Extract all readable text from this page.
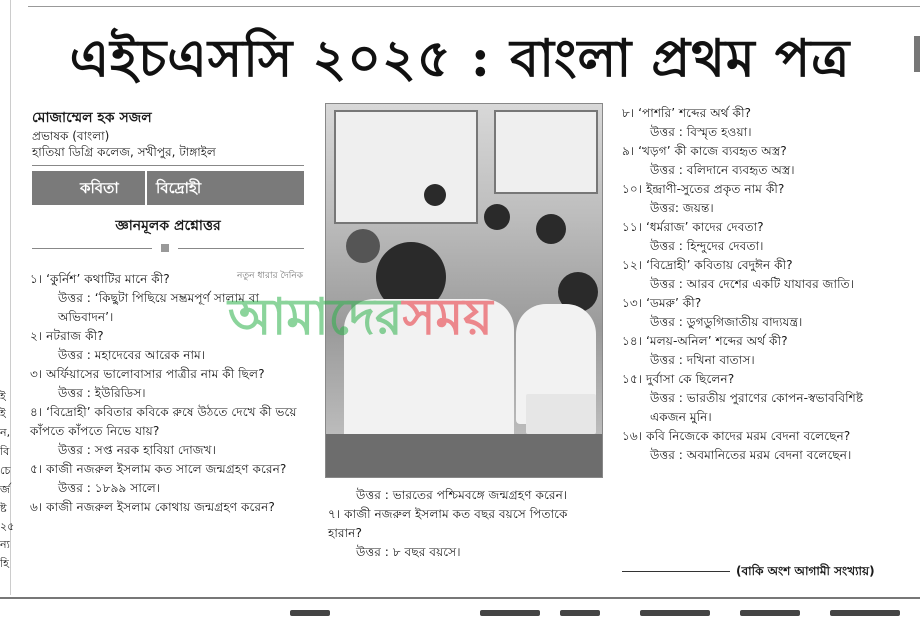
ই
ই
ন,
বি
চে
র্জ
ষ্ট
২৫
ন্য
হি
এইচএসসি ২০২৫ : বাংলা প্রথম পত্র
মোজাম্মেল হক সজল
প্রভাষক (বাংলা)
হাতিয়া ডিগ্রি কলেজ, সখীপুর, টাঙ্গাইল
কবিতা বিদ্রোহী
জ্ঞানমূলক প্রশ্নোত্তর
১। ‘কুর্নিশ’ কথাটির মানে কী?
উত্তর : ‘কিছুটা পিছিয়ে সম্ভ্রমপূর্ণ সালাম বা অভিবাদন’।
২। নটরাজ কী?
উত্তর : মহাদেবের আরেক নাম।
৩। অর্ফিয়াসের ভালোবাসার পাত্রীর নাম কী ছিল?
উত্তর : ইউরিডিস।
৪। ‘বিদ্রোহী’ কবিতার কবিকে রুষে উঠতে দেখে কী ভয়ে কাঁপতে কাঁপতে নিভে যায়?
উত্তর : সপ্ত নরক হাবিয়া দোজখ।
৫। কাজী নজরুল ইসলাম কত সালে জন্মগ্রহণ করেন?
উত্তর : ১৮৯৯ সালে।
৬। কাজী নজরুল ইসলাম কোথায় জন্মগ্রহণ করেন?
নতুন ধারার দৈনিক
আমাদেরসময়
উত্তর : ভারতের পশ্চিমবঙ্গে জন্মগ্রহণ করেন।
৭। কাজী নজরুল ইসলাম কত বছর বয়সে পিতাকে হারান?
উত্তর : ৮ বছর বয়সে।
৮। ‘পাশরি’ শব্দের অর্থ কী?
উত্তর : বিস্মৃত হওয়া।
৯। ‘খড়গ’ কী কাজে ব্যবহৃত অস্ত্র?
উত্তর : বলিদানে ব্যবহৃত অস্ত্র।
১০। ইন্দ্রাণী-সুতের প্রকৃত নাম কী?
উত্তর: জয়ন্ত।
১১। ‘ধর্মরাজ’ কাদের দেবতা?
উত্তর : হিন্দুদের দেবতা।
১২। ‘বিদ্রোহী’ কবিতায় বেদুঈন কী?
উত্তর : আরব দেশের একটি যাযাবর জাতি।
১৩। ‘ডমরু’ কী?
উত্তর : ডুগডুগিজাতীয় বাদ্যযন্ত্র।
১৪। ‘মলয়-অনিল’ শব্দের অর্থ কী?
উত্তর : দখিনা বাতাস।
১৫। দুর্বাসা কে ছিলেন?
উত্তর : ভারতীয় পুরাণের কোপন-স্বভাববিশিষ্ট একজন মুনি।
১৬। কবি নিজেকে কাদের মরম বেদনা বলেছেন?
উত্তর : অবমানিতের মরম বেদনা বলেছেন।
(বাকি অংশ আগামী সংখ্যায়)
